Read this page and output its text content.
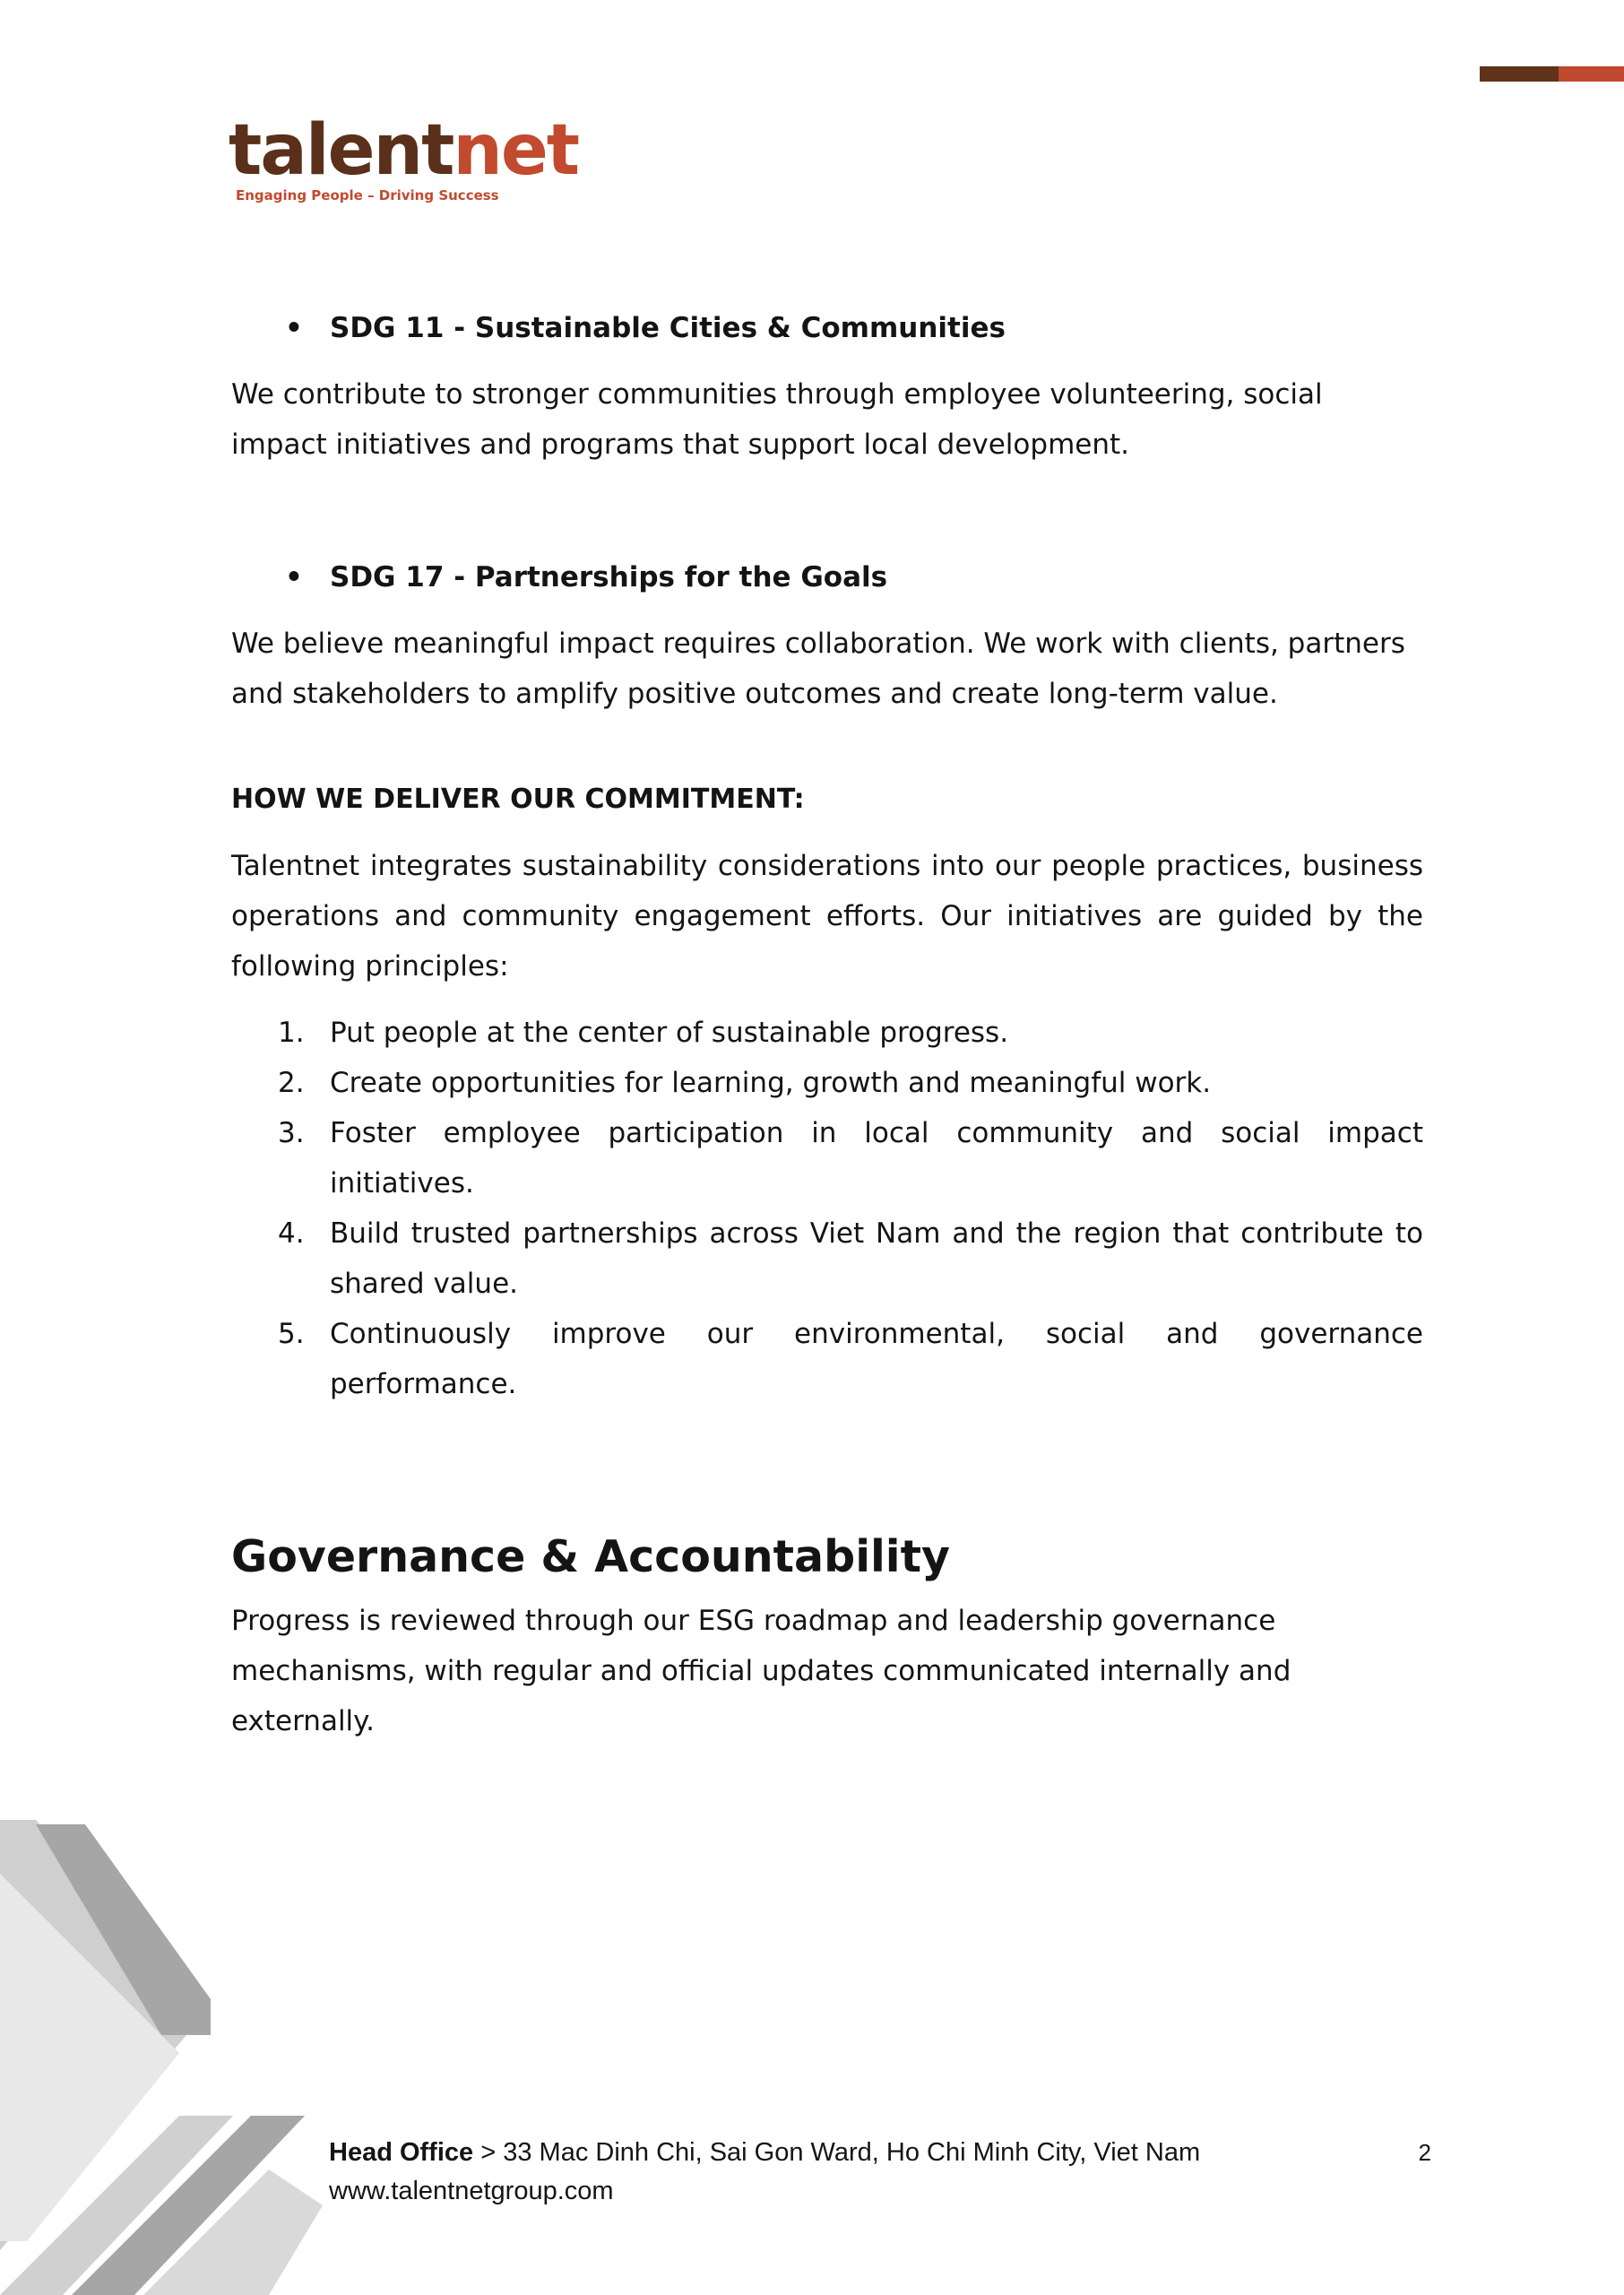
talentnet
Engaging People – Driving Success
• SDG 11 - Sustainable Cities & Communities

We contribute to stronger communities through employee volunteering, social impact initiatives and programs that support local development.

• SDG 17 - Partnerships for the Goals

We believe meaningful impact requires collaboration. We work with clients, partners and stakeholders to amplify positive outcomes and create long-term value.

HOW WE DELIVER OUR COMMITMENT:

Talentnet integrates sustainability considerations into our people practices, business operations and community engagement efforts. Our initiatives are guided by the following principles:

1. Put people at the center of sustainable progress.
2. Create opportunities for learning, growth and meaningful work.
3. Foster employee participation in local community and social impact initiatives.
4. Build trusted partnerships across Viet Nam and the region that contribute to shared value.
5. Continuously improve our environmental, social and governance performance.
Governance & Accountability

Progress is reviewed through our ESG roadmap and leadership governance mechanisms, with regular and official updates communicated internally and externally.

Head Office > 33 Mac Dinh Chi, Sai Gon Ward, Ho Chi Minh City, Viet Nam
www.talentnetgroup.com
2
